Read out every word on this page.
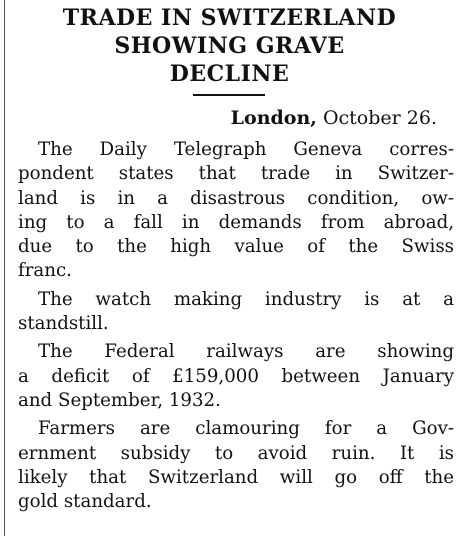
TRADE IN SWITZERLAND
SHOWING GRAVE
DECLINE
London, October 26.
The Daily Telegraph Geneva corres-
pondent states that trade in Switzer-
land is in a disastrous condition, ow-
ing to a fall in demands from abroad,
due to the high value of the Swiss
franc.
The watch making industry is at a
standstill.
The Federal railways are showing
a deficit of £159,000 between January
and September, 1932.
Farmers are clamouring for a Gov-
ernment subsidy to avoid ruin. It is
likely that Switzerland will go off the
gold standard.
